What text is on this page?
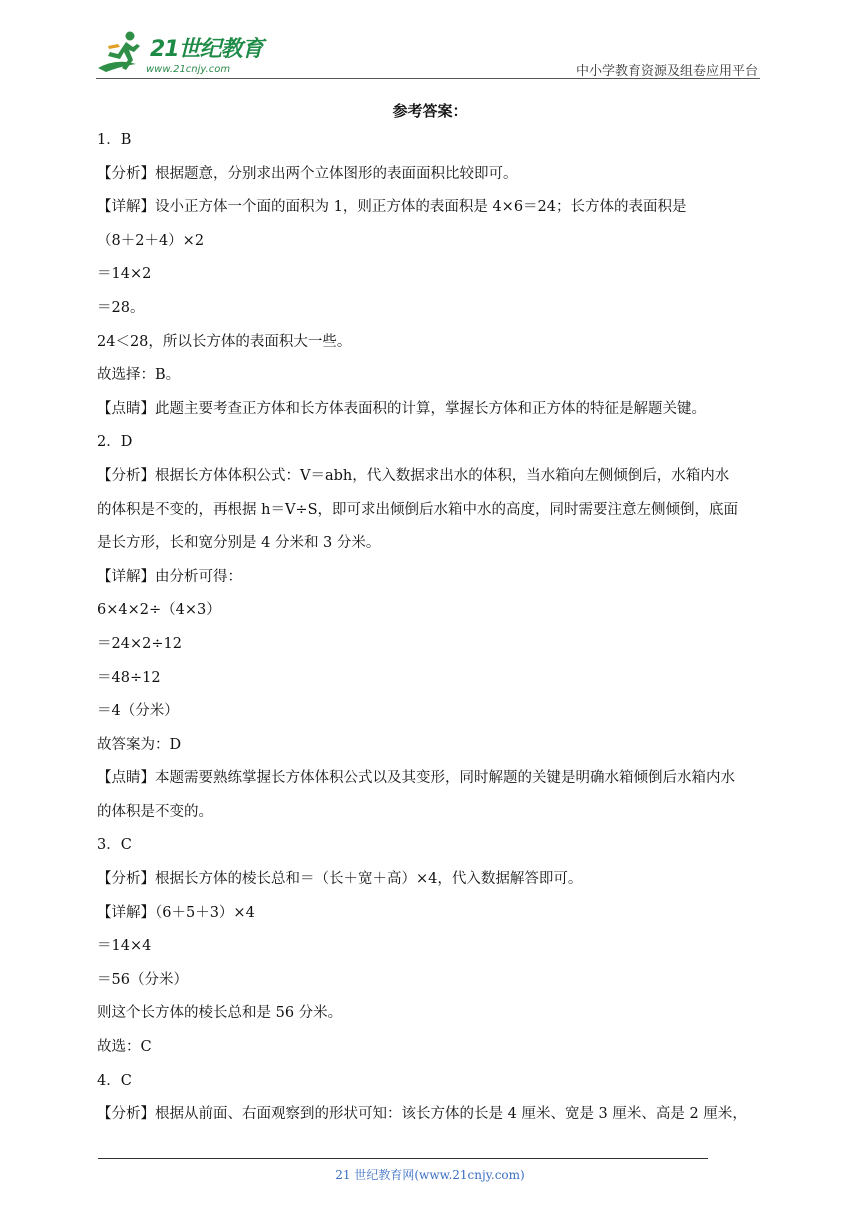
21世纪教育
www.21cnjy.com	中小学教育资源及组卷应用平台
参考答案：
1．B
【分析】根据题意，分别求出两个立体图形的表面面积比较即可。
【详解】设小正方体一个面的面积为 1，则正方体的表面积是 4×6＝24；长方体的表面积是
（8＋2＋4）×2
＝14×2
＝28。
24＜28，所以长方体的表面积大一些。
故选择：B。
【点睛】此题主要考查正方体和长方体表面积的计算，掌握长方体和正方体的特征是解题关键。
2．D
【分析】根据长方体体积公式：V＝abh，代入数据求出水的体积，当水箱向左侧倾倒后，水箱内水
的体积是不变的，再根据 h＝V÷S，即可求出倾倒后水箱中水的高度，同时需要注意左侧倾倒，底面
是长方形，长和宽分别是 4 分米和 3 分米。
【详解】由分析可得：
6×4×2÷（4×3）
＝24×2÷12
＝48÷12
＝4（分米）
故答案为：D
【点睛】本题需要熟练掌握长方体体积公式以及其变形，同时解题的关键是明确水箱倾倒后水箱内水
的体积是不变的。
3．C
【分析】根据长方体的棱长总和＝（长＋宽＋高）×4，代入数据解答即可。
【详解】（6＋5＋3）×4
＝14×4
＝56（分米）
则这个长方体的棱长总和是 56 分米。
故选：C
4．C
【分析】根据从前面、右面观察到的形状可知：该长方体的长是 4 厘米、宽是 3 厘米、高是 2 厘米，
21 世纪教育网(www.21cnjy.com)
